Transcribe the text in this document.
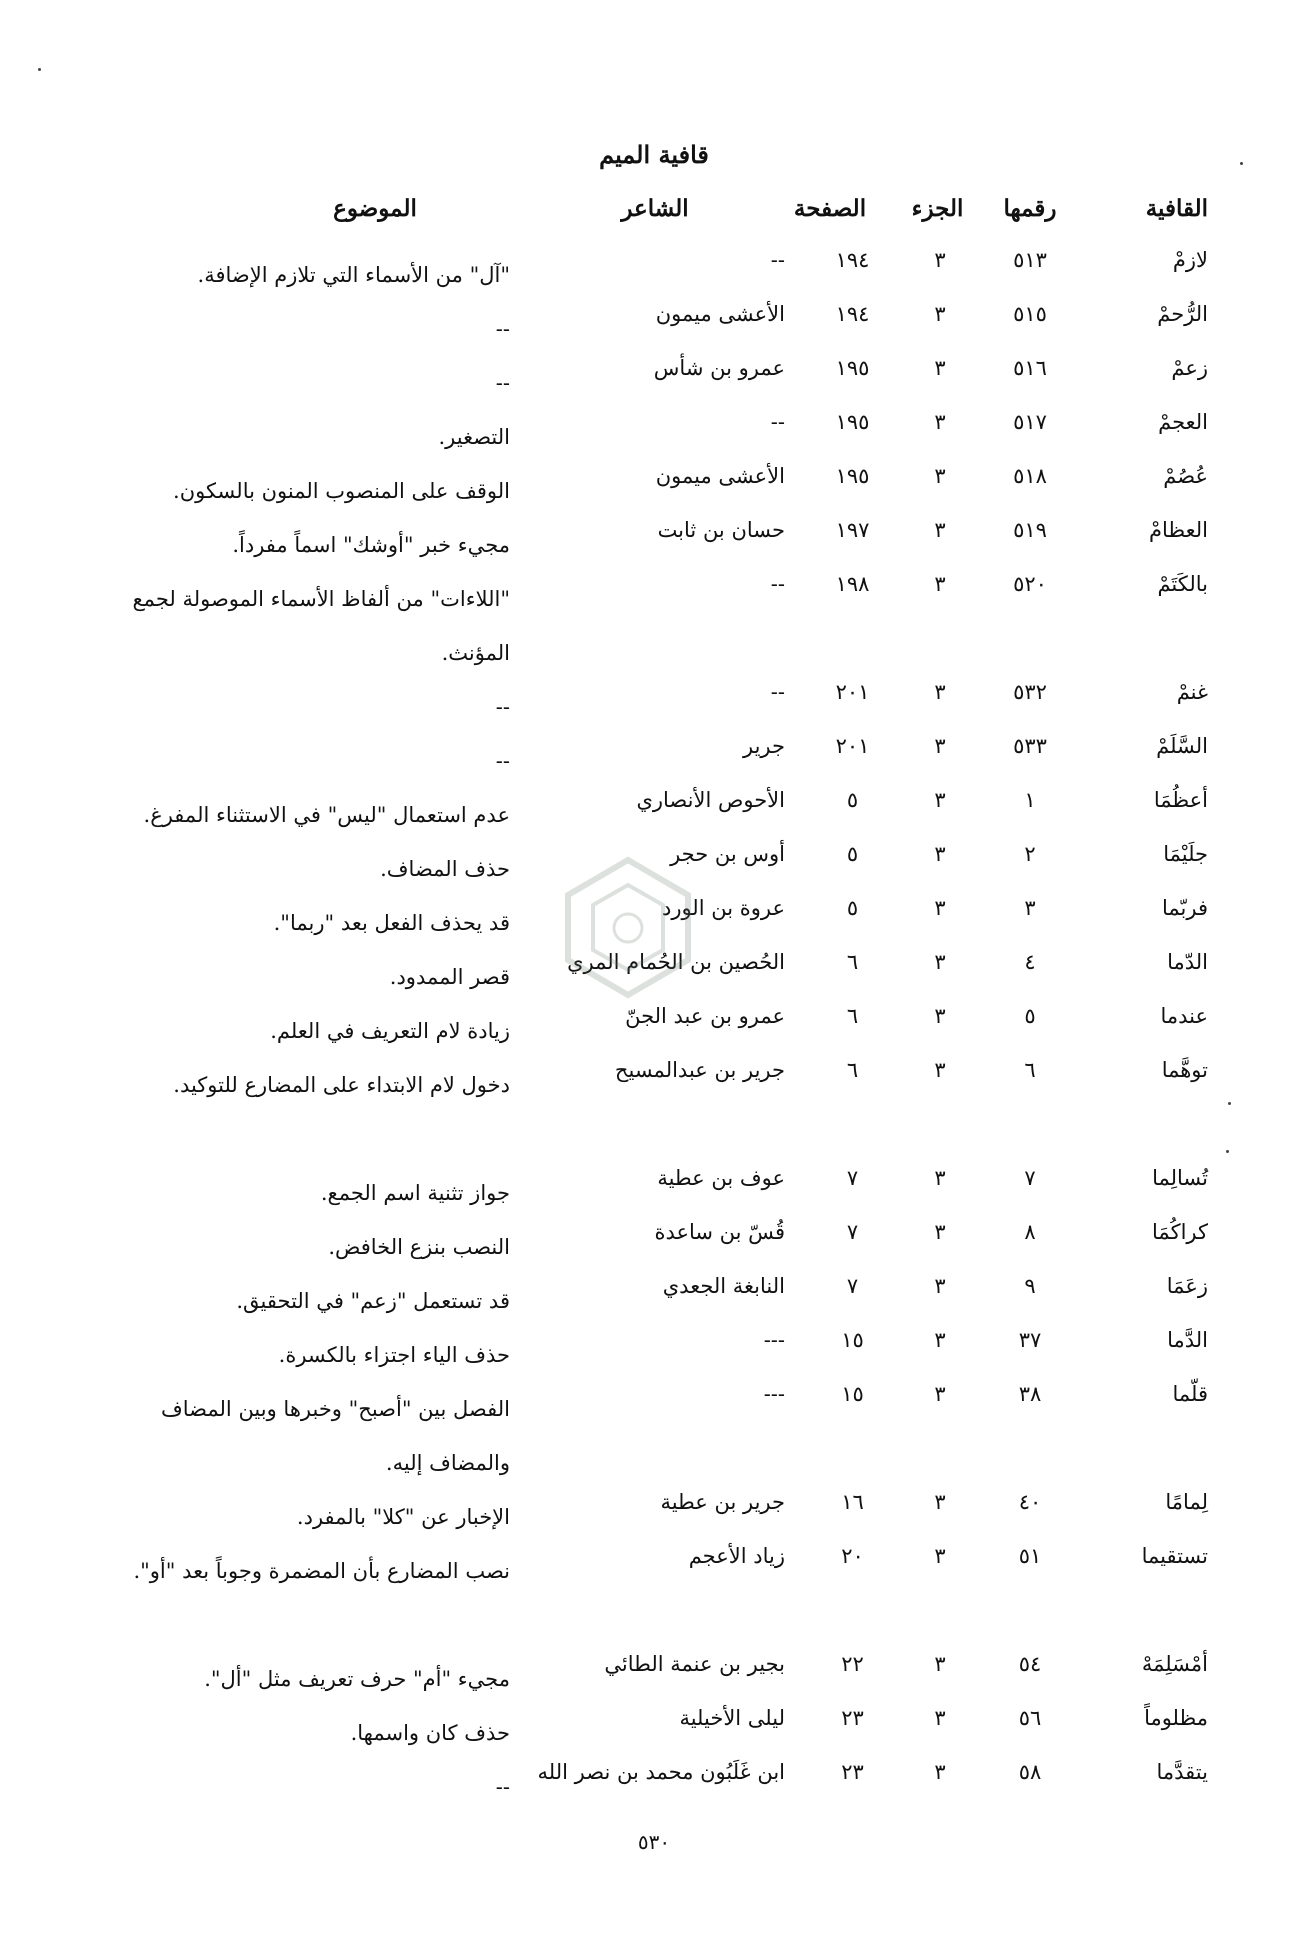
قافية الميم
القافية
رقمها
الجزء
الصفحة
الشاعر
الموضوع
لازمْ
٥١٣
٣
١٩٤
--
"آل" من الأسماء التي تلازم الإضافة.
الرُّحمْ
٥١٥
٣
١٩٤
الأعشى ميمون
--
زعمْ
٥١٦
٣
١٩٥
عمرو بن شأس
--
العجمْ
٥١٧
٣
١٩٥
--
التصغير.
عُصُمْ
٥١٨
٣
١٩٥
الأعشى ميمون
الوقف على المنصوب المنون بالسكون.
العظامْ
٥١٩
٣
١٩٧
حسان بن ثابت
مجيء خبر "أوشك" اسماً مفرداً.
بالكَتَمْ
٥٢٠
٣
١٩٨
--
"اللاءات" من ألفاظ الأسماء الموصولة لجمع المؤنث.
غنمْ
٥٣٢
٣
٢٠١
--
--
السَّلَمْ
٥٣٣
٣
٢٠١
جرير
--
أعظُمَا
١
٣
٥
الأحوص الأنصاري
عدم استعمال "ليس" في الاستثناء المفرغ.
جلَيْمَا
٢
٣
٥
أوس بن حجر
حذف المضاف.
فربّما
٣
٣
٥
عروة بن الورد
قد يحذف الفعل بعد "ربما".
الدّما
٤
٣
٦
الحُصين بن الحُمام المري
قصر الممدود.
عندما
٥
٣
٦
عمرو بن عبد الجنّ
زيادة لام التعريف في العلم.
توهَّما
٦
٣
٦
جرير بن عبدالمسيح
دخول لام الابتداء على المضارع للتوكيد.
تُسالِما
٧
٣
٧
عوف بن عطية
جواز تثنية اسم الجمع.
كراكُمَا
٨
٣
٧
قُسّ بن ساعدة
النصب بنزع الخافض.
زعَمَا
٩
٣
٧
النابغة الجعدي
قد تستعمل "زعم" في التحقيق.
الدَّما
٣٧
٣
١٥
---
حذف الياء اجتزاء بالكسرة.
قلّما
٣٨
٣
١٥
---
الفصل بين "أصبح" وخبرها وبين المضاف والمضاف إليه.
لِمامًا
٤٠
٣
١٦
جرير بن عطية
الإخبار عن "كلا" بالمفرد.
تستقيما
٥١
٣
٢٠
زياد الأعجم
نصب المضارع بأن المضمرة وجوباً بعد "أو".
أمْسَلِمَهْ
٥٤
٣
٢٢
بجير بن عنمة الطائي
مجيء "أم" حرف تعريف مثل "أل".
مظلوماً
٥٦
٣
٢٣
ليلى الأخيلية
حذف كان واسمها.
يتقدَّما
٥٨
٣
٢٣
ابن غَلَبُون محمد بن نصر الله
--
٥٣٠
